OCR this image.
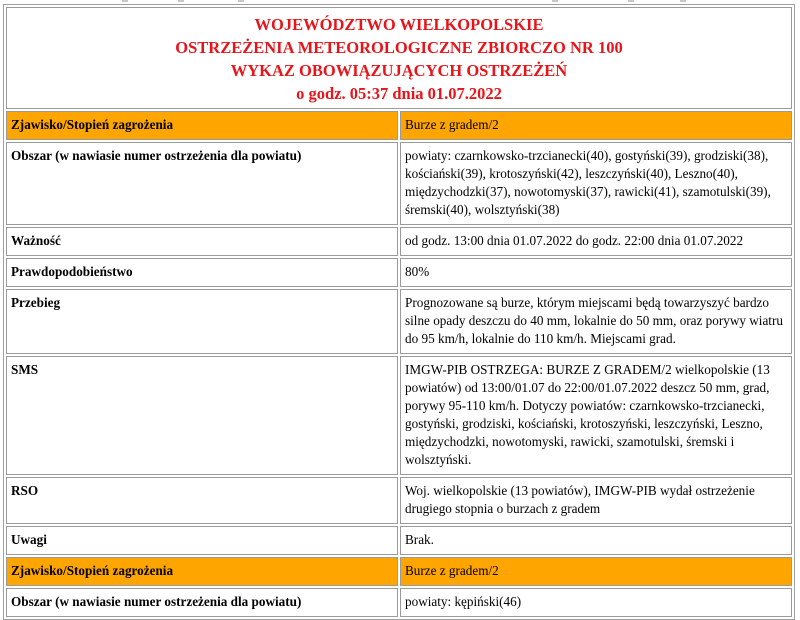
WOJEWÓDZTWO WIELKOPOLSKIE
OSTRZEŻENIA METEOROLOGICZNE ZBIORCZO NR 100
WYKAZ OBOWIĄZUJĄCYCH OSTRZEŻEŃ
o godz. 05:37 dnia 01.07.2022	

Zjawisko/Stopień zagrożenia	Burze z gradem/2
Obszar (w nawiasie numer ostrzeżenia dla powiatu)	powiaty: czarnkowsko-trzcianecki(40), gostyński(39), grodziski(38), kościański(39), krotoszyński(42), leszczyński(40), Leszno(40), międzychodzki(37), nowotomyski(37), rawicki(41), szamotulski(39), śremski(40), wolsztyński(38)
Ważność	od godz. 13:00 dnia 01.07.2022 do godz. 22:00 dnia 01.07.2022
Prawdopodobieństwo	80%
Przebieg	Prognozowane są burze, którym miejscami będą towarzyszyć bardzo silne opady deszczu do 40 mm, lokalnie do 50 mm, oraz porywy wiatru do 95 km/h, lokalnie do 110 km/h. Miejscami grad.
SMS	IMGW-PIB OSTRZEGA: BURZE Z GRADEM/2 wielkopolskie (13 powiatów) od 13:00/01.07 do 22:00/01.07.2022 deszcz 50 mm, grad, porywy 95-110 km/h. Dotyczy powiatów: czarnkowsko-trzcianecki, gostyński, grodziski, kościański, krotoszyński, leszczyński, Leszno, międzychodzki, nowotomyski, rawicki, szamotulski, śremski i wolsztyński.
RSO	Woj. wielkopolskie (13 powiatów), IMGW-PIB wydał ostrzeżenie drugiego stopnia o burzach z gradem
Uwagi	Brak.
Zjawisko/Stopień zagrożenia	Burze z gradem/2
Obszar (w nawiasie numer ostrzeżenia dla powiatu)	powiaty: kępiński(46)
